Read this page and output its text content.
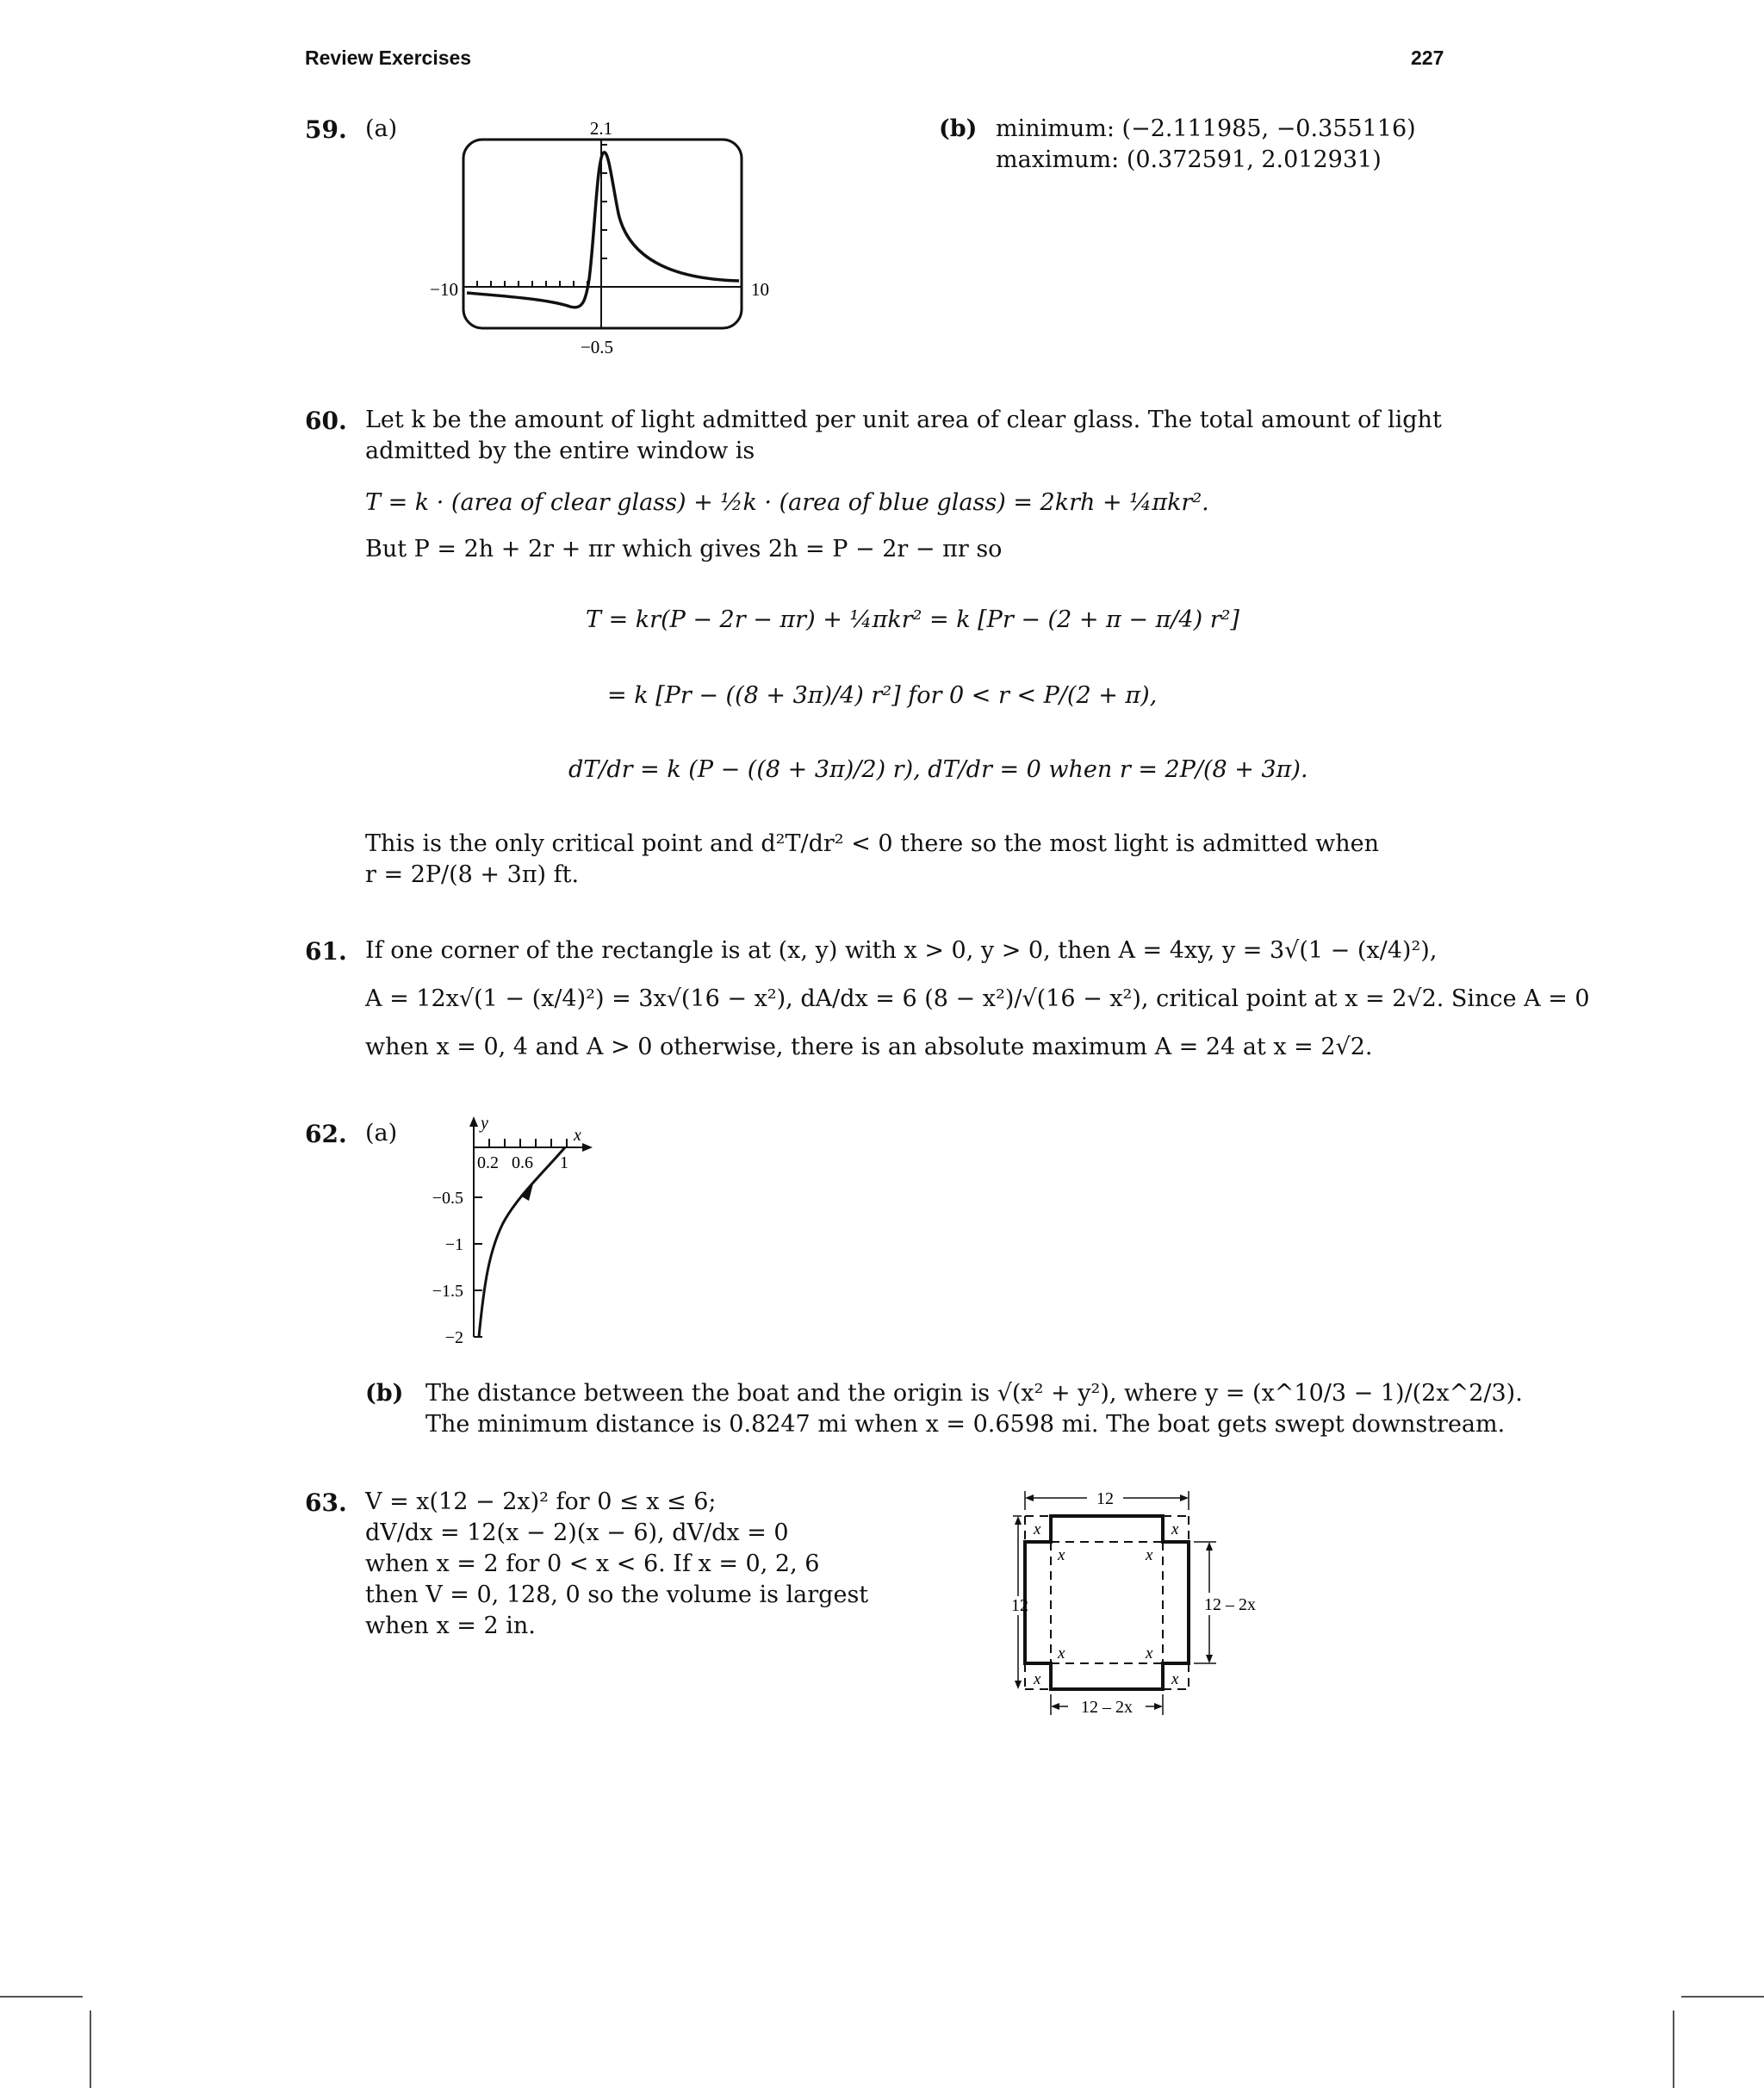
Review Exercises	227
59. (a)	2.1
−0.5
−10	10
(b) minimum: (−2.111985, −0.355116)
maximum: (0.372591, 2.012931)
60. Let k be the amount of light admitted per unit area of clear glass. The total amount of light
admitted by the entire window is
T = k · (area of clear glass) + ½k · (area of blue glass) = 2krh + ¼πkr².
But P = 2h + 2r + πr which gives 2h = P − 2r − πr so
T = kr(P − 2r − πr) + ¼πkr² = k [Pr − (2 + π − π/4) r²]
= k [Pr − ((8 + 3π)/4) r²] for 0 < r < P/(2 + π),
dT/dr = k (P − ((8 + 3π)/2) r), dT/dr = 0 when r = 2P/(8 + 3π).
This is the only critical point and d²T/dr² < 0 there so the most light is admitted when
r = 2P/(8 + 3π) ft.
61. If one corner of the rectangle is at (x, y) with x > 0, y > 0, then A = 4xy, y = 3√(1 − (x/4)²),
A = 12x√(1 − (x/4)²) = 3x√(16 − x²), dA/dx = 6 (8 − x²)/√(16 − x²), critical point at x = 2√2. Since A = 0
when x = 0, 4 and A > 0 otherwise, there is an absolute maximum A = 24 at x = 2√2.
62. (a)	y
x
0.2 0.6 1
−0.5
−1
−1.5
−2
(b) The distance between the boat and the origin is √(x² + y²), where y = (x^10/3 − 1)/(2x^2/3).
The minimum distance is 0.8247 mi when x = 0.6598 mi. The boat gets swept downstream.
63. V = x(12 − 2x)² for 0 ≤ x ≤ 6;
dV/dx = 12(x − 2)(x − 6), dV/dx = 0
when x = 2 for 0 < x < 6. If x = 0, 2, 6
then V = 0, 128, 0 so the volume is largest
when x = 2 in.
x
x
x
x
x
x
x
x
12
12	12 – 2x
12 – 2x
